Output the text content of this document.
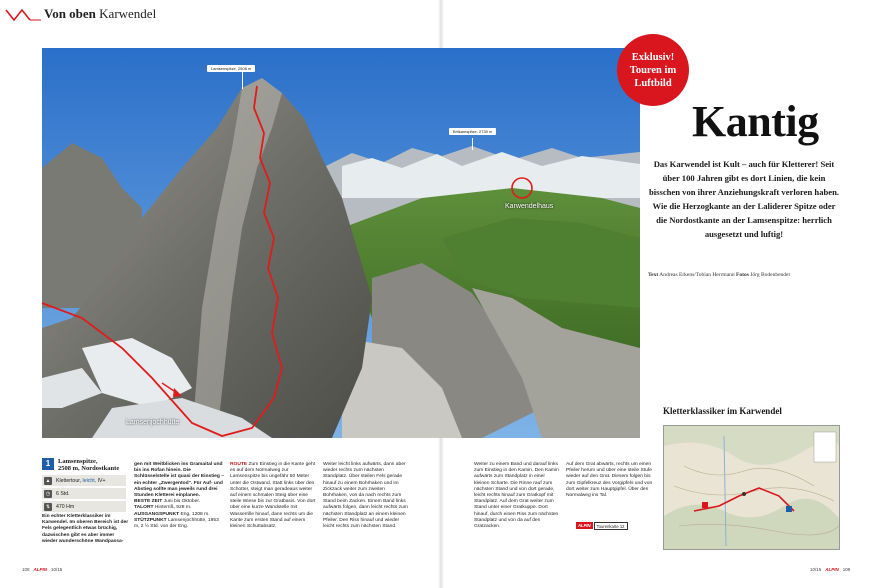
Von oben Karwendel
Lamsenspitze, 2508 m
Brilkamspitze, 2739 m
Karwendelhaus
Lamsenjochhütte
Exklusiv!
Touren im
Luftbild
Kantig
Das Karwendel ist Kult – auch für Kletterer! Seit über 100 Jahren gibt es dort Linien, die kein bisschen von ihrer Anziehungskraft verloren haben. Wie die Herzogkante an der Laliderer Spitze oder die Nordostkante an der Lamsenspitze: herrlich ausgesetzt und luftig!
Text Andreas Erkens/Tobian Herrmann Fotos Jörg Bodenbender
Kletterklassiker im Karwendel
1	Lamsenspitze,
2508 m, Nordostkante
▲ Klettertour,
leicht,
IV+
◷	6 Std.
⇅	470 Hm
Ein echter Kletterklassiker im Karwendel. Im oberen Bereich ist der Fels gelegentlich etwas brüchig, dazwischen gibt es aber immer wieder wunderschöne Wandpassa-
gen mit Weitblicken ins Gramaital und bis ins Rofan hinein. Die Schlüsselstelle ist quasi der Einstieg – ein echter „Zwergentod". Für Auf- und Abstieg sollte man jeweils rund drei Stunden Kletterei einplanen.
BESTE ZEIT Juni bis Oktober.
TALORT Hinterriß, 928 m.
AUSGANGSPUNKT Eng, 1208 m.
STÜTZPUNKT Lamsenjochhütte, 1953 m, 2 ½ Std. von der Eng.
ROUTE Zum Einstieg in die Kante geht es auf dem Normalweg zur Lamsenspitze bis ungefähr 50 Meter unter die Ostwand. Statt links über den Schotter, steigt man geradeaus weiter auf einem schmalen Steig über eine steile Wiese bis zur Gratbasis. Von dort über eine kurze Wandstelle mit Wasserrille hinauf, dann rechts um die Kante zum ersten Stand auf einem kleinen Schuttabsatz.
Weiter leicht links aufwärts, dann aber wieder rechts zum nächsten Standplatz. Über steilen Fels gerade hinauf zu einem Bohrhaken und im Zickzack weiter zum zweiten Bohrhaken, von da nach rechts zum Stand beim Zacken. Einem Band links aufwärts folgen, dann leicht rechts zum nächsten Standplatz an einem kleinen Pfeiler. Den Riss hinauf und wieder leicht rechts zum nächsten Stand.
Weiter zu einem Band und darauf links zum Einstieg in den Kamin. Den Kamin aufwärts zum Standplatz in einer kleinen Scharte. Die Rinne rauf zum nächsten Stand und von dort gerade, leicht rechts hinauf zum Gratkopf mit Standplatz. Auf dem Grat weiter zum Stand unter einer Gratkuppe. Dort hinauf, durch einen Riss zum nächsten Standplatz und von da auf den Gratzacken.
Auf dem Grat abwärts, rechts um einen Pfeiler herum und über eine steile Stufe wieder auf den Grat. Diesem folgen bis zum Gipfelkreuz des Vorgipfels und von dort weiter zum Hauptgipfel. Über den Normalweg ins Tal.
ALPIN	Tourenkarte 12
108 ALPIN 10/15	10/15 ALPIN 109
